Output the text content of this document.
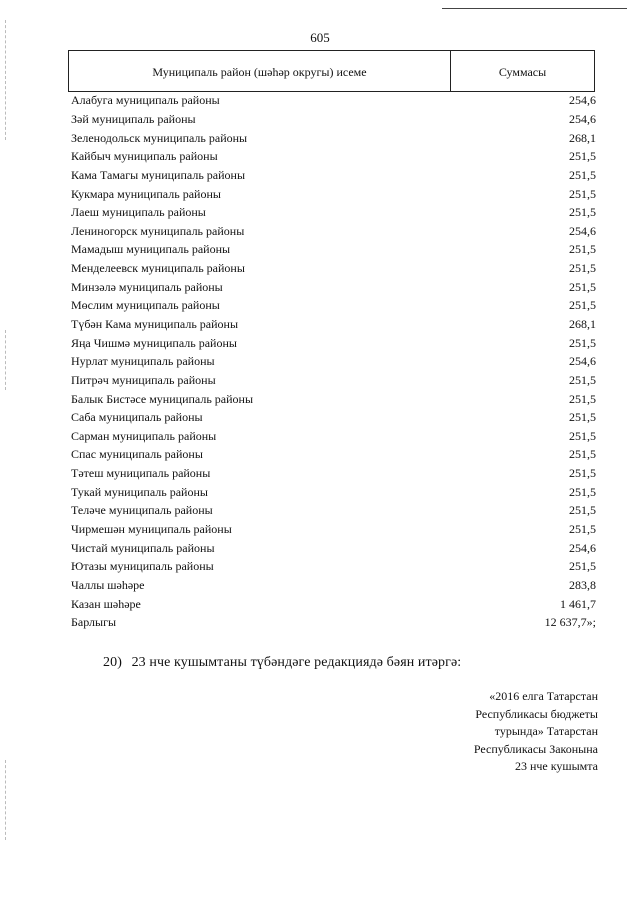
605
Муниципаль район (шәһәр округы) исеме	Суммасы
Алабуга муниципаль районы	254,6
Зәй муниципаль районы	254,6
Зеленодольск муниципаль районы	268,1
Кайбыч муниципаль районы	251,5
Кама Тамагы муниципаль районы	251,5
Кукмара муниципаль районы	251,5
Лаеш муниципаль районы	251,5
Лениногорск муниципаль районы	254,6
Мамадыш муниципаль районы	251,5
Менделеевск муниципаль районы	251,5
Минзәлә муниципаль районы	251,5
Мөслим муниципаль районы	251,5
Түбән Кама муниципаль районы	268,1
Яңа Чишмә муниципаль районы	251,5
Нурлат муниципаль районы	254,6
Питрәч муниципаль районы	251,5
Балык Бистәсе муниципаль районы	251,5
Саба муниципаль районы	251,5
Сарман муниципаль районы	251,5
Спас муниципаль районы	251,5
Тәтеш муниципаль районы	251,5
Тукай муниципаль районы	251,5
Теләче муниципаль районы	251,5
Чирмешән муниципаль районы	251,5
Чистай муниципаль районы	254,6
Ютазы муниципаль районы	251,5
Чаллы шәһәре	283,8
Казан шәһәре	1 461,7
Барлыгы	12 637,7»;
20) 23 нче кушымтаны түбәндәге редакциядә бәян итәргә:
«2016 елга Татарстан
Республикасы бюджеты
турында» Татарстан
Республикасы Законына
23 нче кушымта
